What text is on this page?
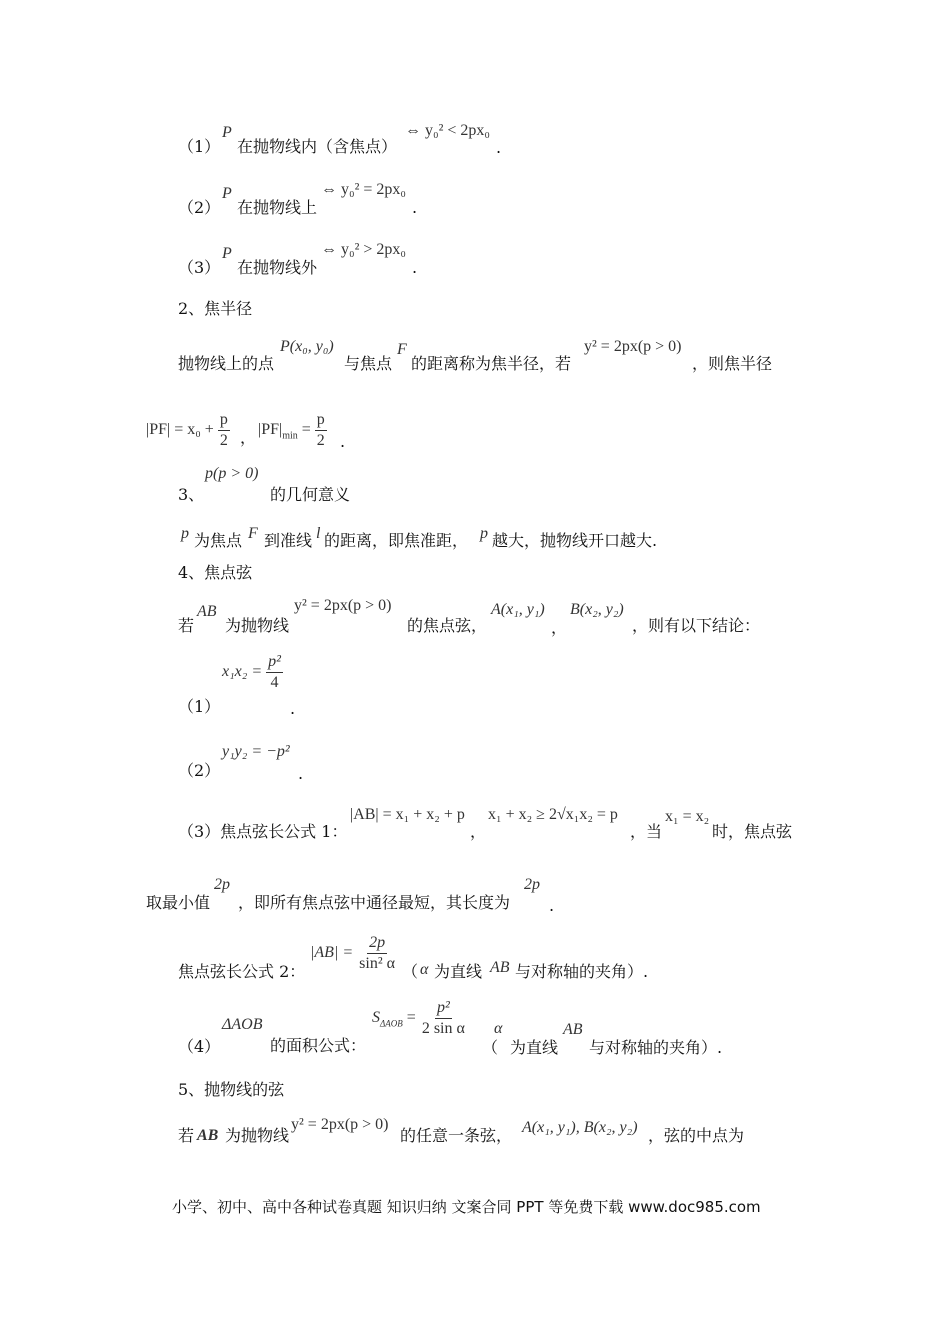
（1）
P
在抛物线内（含焦点）
⇔ y₀² < 2px₀
.
（2）
P
在抛物线上
⇔ y₀² = 2px₀
.
（3）
P
在抛物线外
⇔ y₀² > 2px₀
.
2、焦半径
抛物线上的点
P(x₀, y₀)
与焦点
F
的距离称为焦半径，若
y² = 2px(p > 0)
，则焦半径
$|PF| = x_0 + \frac{p}{2}$ ， $|PF|_{min} = \frac{p}{2}$ .
3、
p(p > 0)
的几何意义
p 为焦点 F 到准线 l 的距离，即焦准距， p 越大，抛物线开口越大.
4、焦点弦
若
AB
为抛物线
y² = 2px(p > 0)
的焦点弦，
A(x₁, y₁)
，
B(x₂, y₂)
，则有以下结论：
（1）
$x_1x_2 = \frac{\text{p²}}{4}$
.
（2）
y₁y₂ = −p²
.
（3）焦点弦长公式 1：
|AB| = x₁ + x₂ + p
，
x₁ + x₂ ≥ 2√x₁x₂ = p
，当
x₁ = x₂
时，焦点弦
取最小值
2p
，即所有焦点弦中通径最短，其长度为
2p
.
焦点弦长公式 2：
$|AB| = \frac{2p}{\text{sin² α}}$ （ α 为直线 AB 与对称轴的夹角）.
（4）
ΔAOB
的面积公式：
$S_{\Delta AOB} = \frac{\text{p²}}{\text{2 sin α}}$
（
α
为直线
AB
与对称轴的夹角）.
5、抛物线的弦
若 AB 为抛物线
y² = 2px(p > 0)
的任意一条弦， A(x₁, y₁), B(x₂, y₂) ，弦的中点为
小学、初中、高中各种试卷真题 知识归纳 文案合同 PPT 等免费下载 www.doc985.com
